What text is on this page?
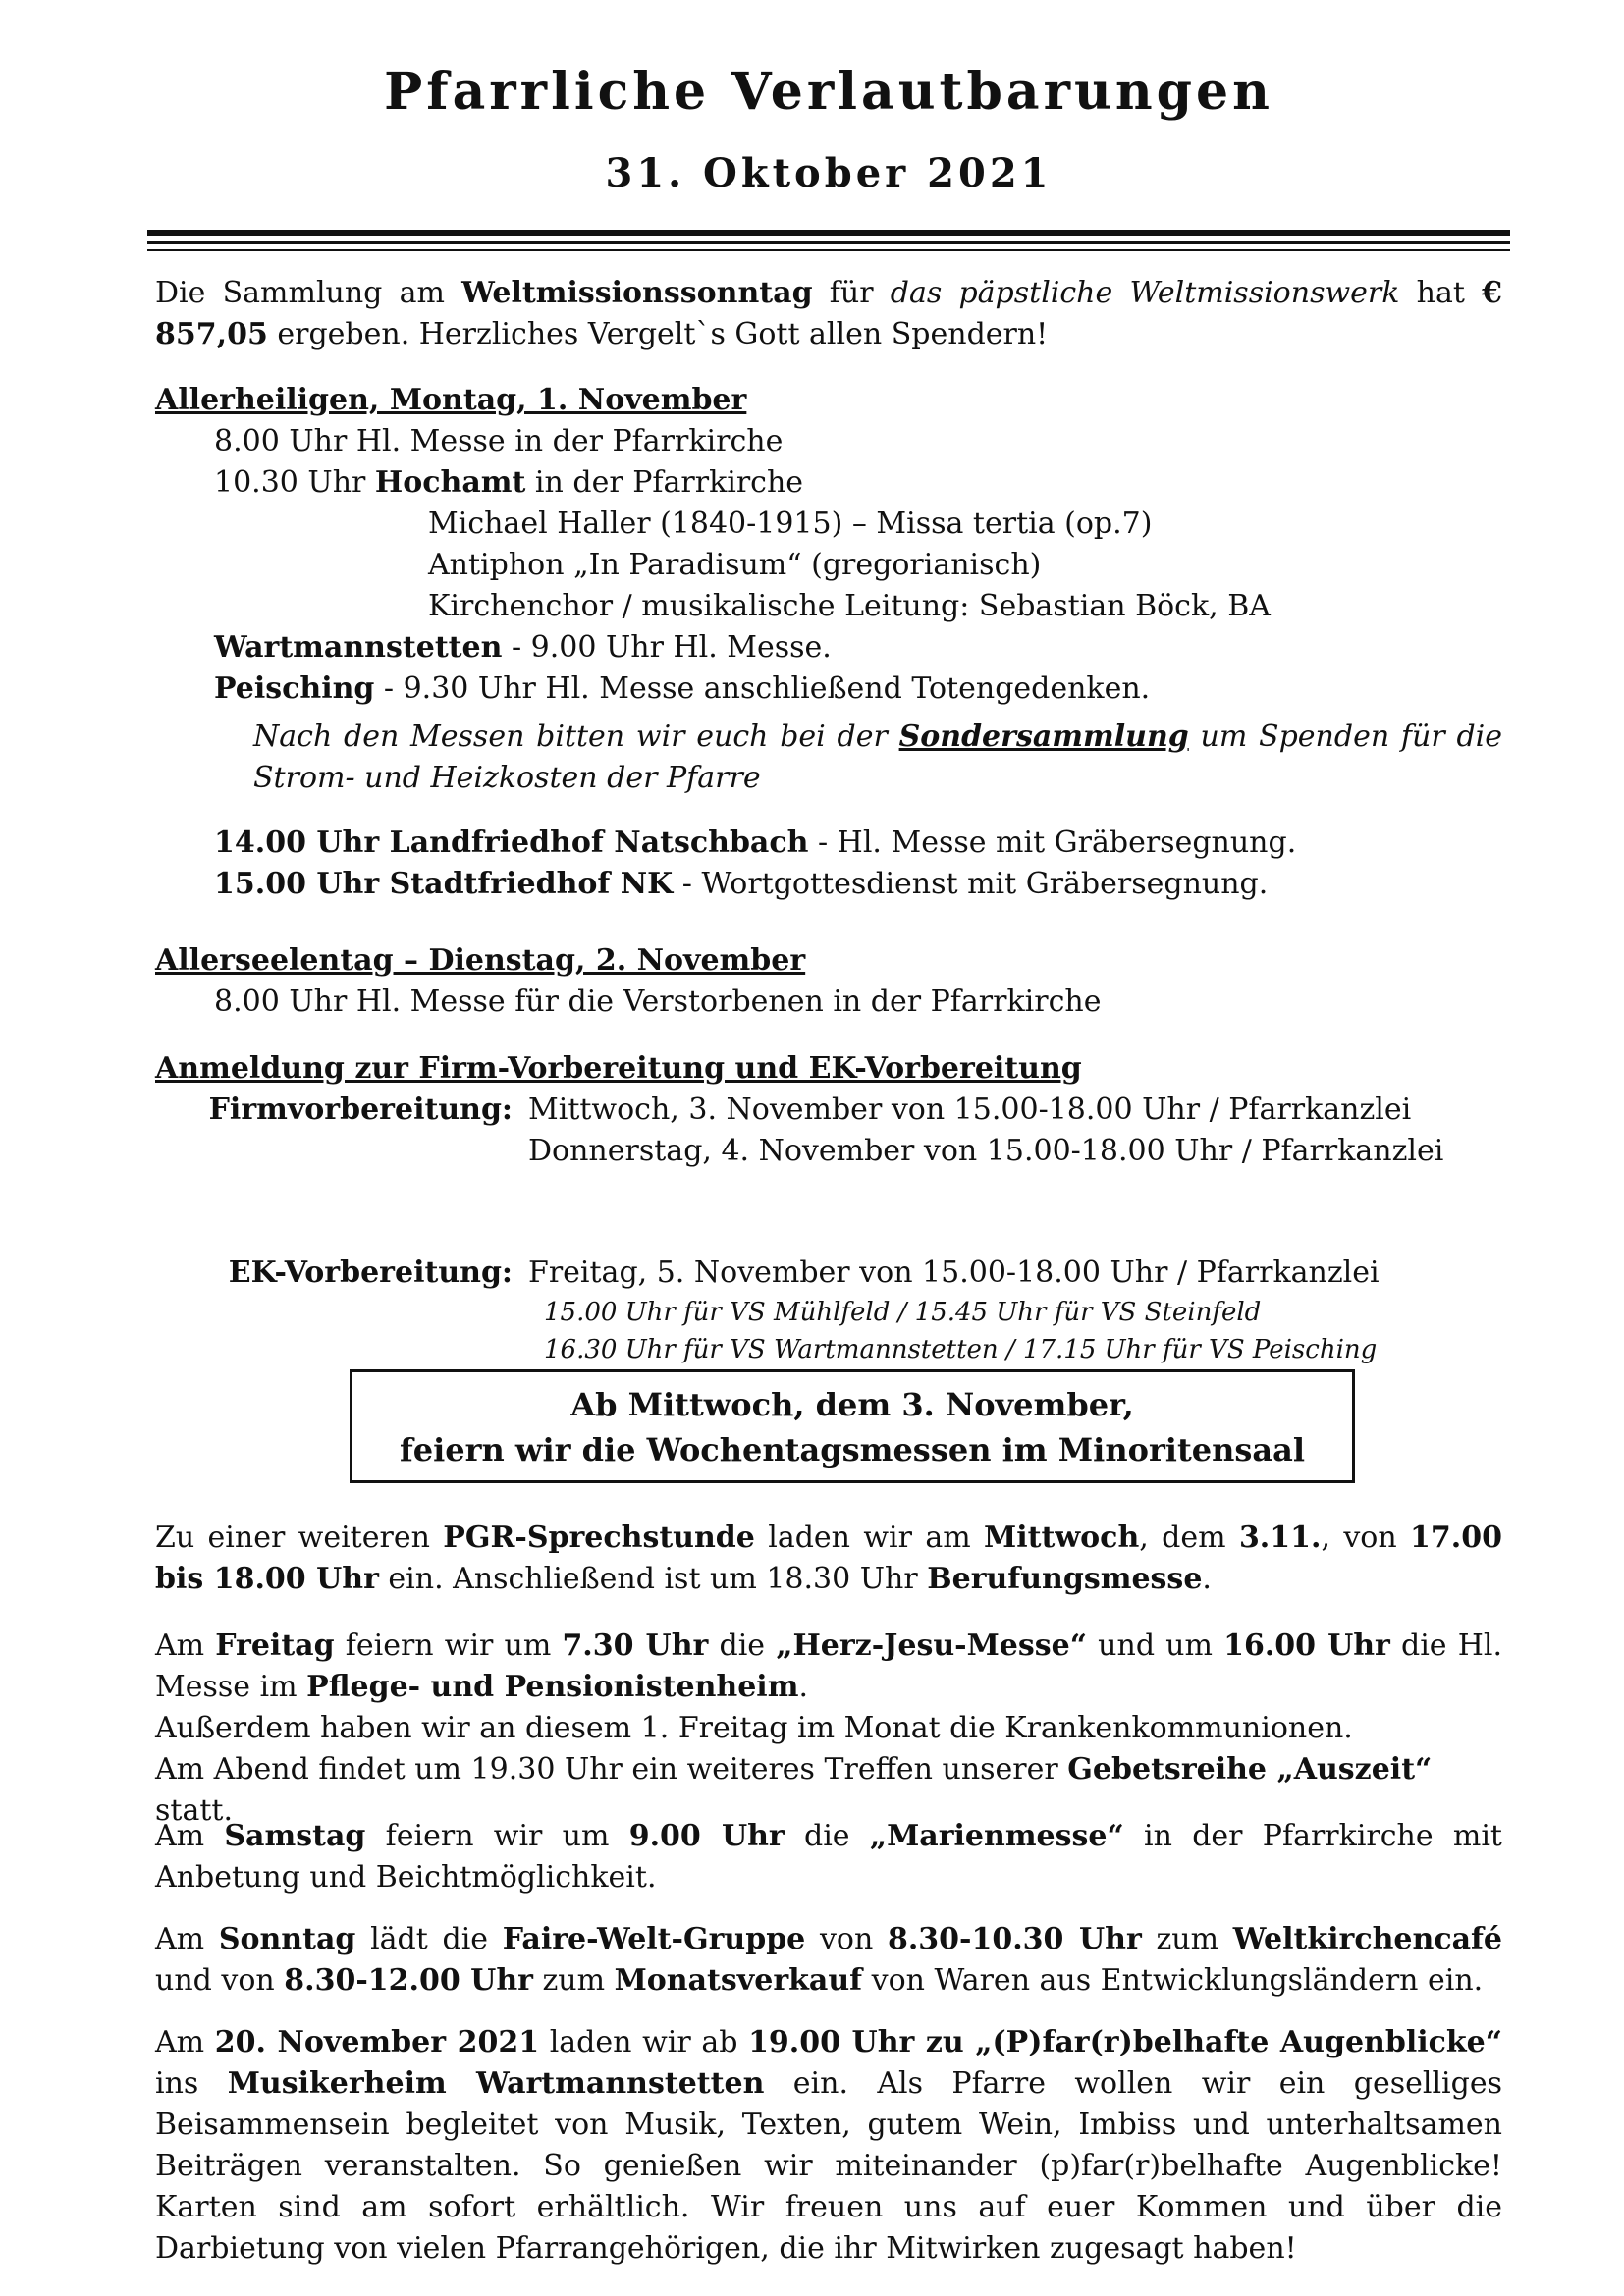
Pfarrliche Verlautbarungen
31. Oktober 2021

Die Sammlung am Weltmissionssonntag für das päpstliche Weltmissionswerk hat € 857,05 ergeben. Herzliches Vergelt`s Gott allen Spendern!

Allerheiligen, Montag, 1. November

8.00 Uhr Hl. Messe in der Pfarrkirche

10.30 Uhr Hochamt in der Pfarrkirche

Michael Haller (1840-1915) – Missa tertia (op.7)

Antiphon „In Paradisum“ (gregorianisch)

Kirchenchor / musikalische Leitung: Sebastian Böck, BA

Wartmannstetten - 9.00 Uhr Hl. Messe.

Peisching - 9.30 Uhr Hl. Messe anschließend Totengedenken.

Nach den Messen bitten wir euch bei der Sondersammlung um Spenden für die Strom- und Heizkosten der Pfarre

14.00 Uhr Landfriedhof Natschbach - Hl. Messe mit Gräbersegnung.

15.00 Uhr Stadtfriedhof NK - Wortgottesdienst mit Gräbersegnung.

Allerseelentag – Dienstag, 2. November

8.00 Uhr Hl. Messe für die Verstorbenen in der Pfarrkirche

Anmeldung zur Firm-Vorbereitung und EK-Vorbereitung

Firmvorbereitung: Mittwoch, 3. November von 15.00-18.00 Uhr / Pfarrkanzlei
Donnerstag, 4. November von 15.00-18.00 Uhr / Pfarrkanzlei
EK-Vorbereitung: Freitag, 5. November von 15.00-18.00 Uhr / Pfarrkanzlei

15.00 Uhr für VS Mühlfeld / 15.45 Uhr für VS Steinfeld

16.30 Uhr für VS Wartmannstetten / 17.15 Uhr für VS Peisching

Ab Mittwoch, dem 3. November,
feiern wir die Wochentagsmessen im Minoritensaal

Zu einer weiteren PGR-Sprechstunde laden wir am Mittwoch, dem 3.11., von 17.00 bis 18.00 Uhr ein. Anschließend ist um 18.30 Uhr Berufungsmesse.

Am Freitag feiern wir um 7.30 Uhr die „Herz-Jesu-Messe“ und um 16.00 Uhr die Hl. Messe im Pflege- und Pensionistenheim.

Außerdem haben wir an diesem 1. Freitag im Monat die Krankenkommunionen.

Am Abend findet um 19.30 Uhr ein weiteres Treffen unserer Gebetsreihe „Auszeit“ statt.

Am Samstag feiern wir um 9.00 Uhr die „Marienmesse“ in der Pfarrkirche mit Anbetung und Beichtmöglichkeit.

Am Sonntag lädt die Faire-Welt-Gruppe von 8.30-10.30 Uhr zum Weltkirchencafé und von 8.30-12.00 Uhr zum Monatsverkauf von Waren aus Entwicklungsländern ein.

Am 20. November 2021 laden wir ab 19.00 Uhr zu „(P)far(r)belhafte Augenblicke“ ins Musikerheim Wartmannstetten ein. Als Pfarre wollen wir ein geselliges Beisammensein begleitet von Musik, Texten, gutem Wein, Imbiss und unterhaltsamen Beiträgen veranstalten. So genießen wir miteinander (p)far(r)belhafte Augenblicke! Karten sind am sofort erhältlich. Wir freuen uns auf euer Kommen und über die Darbietung von vielen Pfarrangehörigen, die ihr Mitwirken zugesagt haben!
